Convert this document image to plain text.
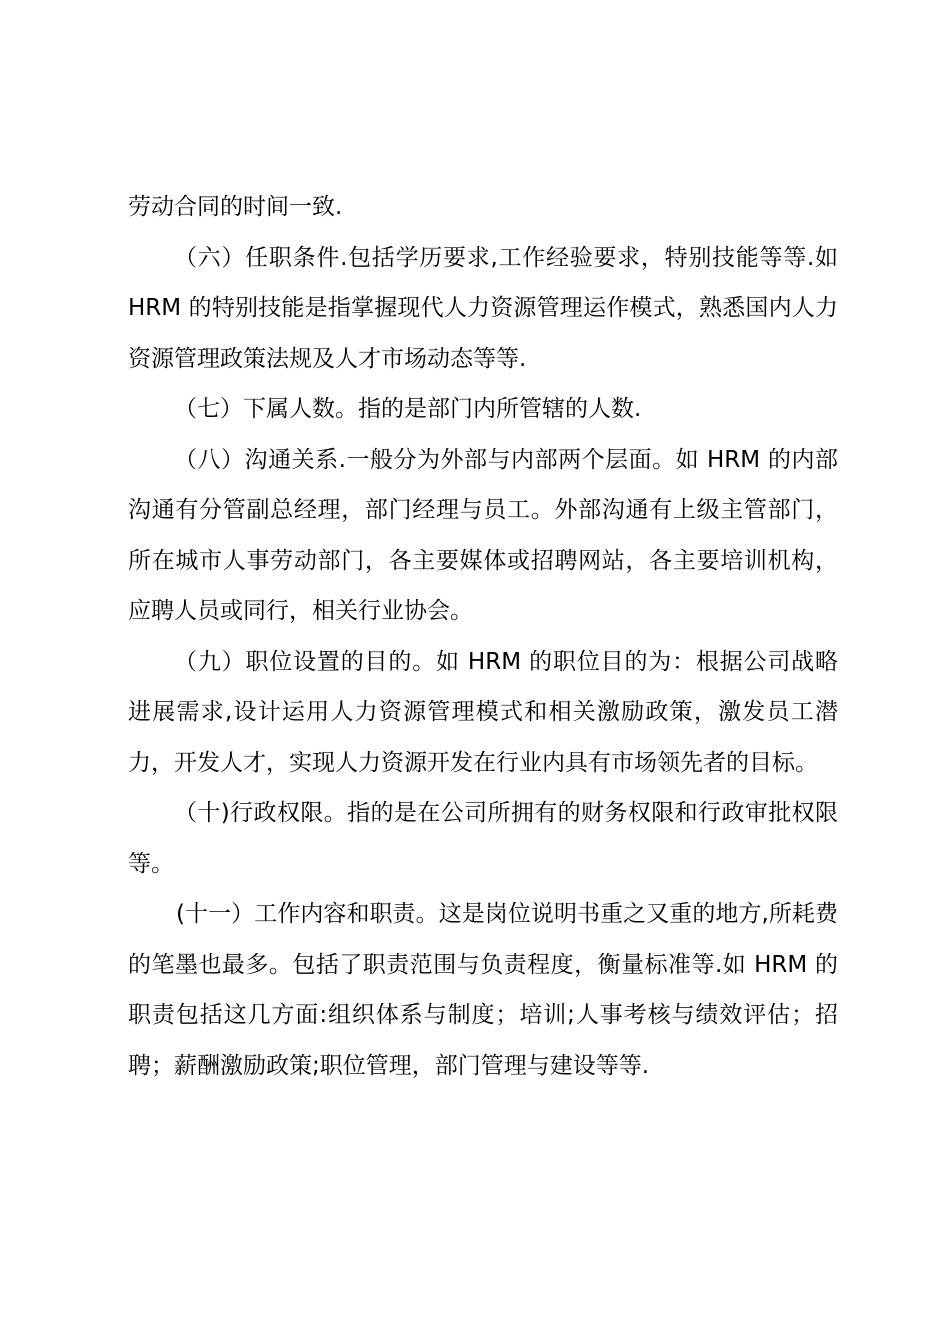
劳动合同的时间一致.

（六）任职条件.包括学历要求,工作经验要求，特别技能等等.如 HRM 的特别技能是指掌握现代人力资源管理运作模式，熟悉国内人力资源管理政策法规及人才市场动态等等.

（七）下属人数。指的是部门内所管辖的人数.

（八）沟通关系.一般分为外部与内部两个层面。如 HRM 的内部沟通有分管副总经理，部门经理与员工。外部沟通有上级主管部门，所在城市人事劳动部门，各主要媒体或招聘网站，各主要培训机构，应聘人员或同行，相关行业协会。

（九）职位设置的目的。如 HRM 的职位目的为：根据公司战略进展需求,设计运用人力资源管理模式和相关激励政策，激发员工潜力，开发人才，实现人力资源开发在行业内具有市场领先者的目标。

（十)行政权限。指的是在公司所拥有的财务权限和行政审批权限等。

(十一）工作内容和职责。这是岗位说明书重之又重的地方,所耗费的笔墨也最多。包括了职责范围与负责程度，衡量标准等.如 HRM 的职责包括这几方面:组织体系与制度；培训;人事考核与绩效评估；招聘；薪酬激励政策;职位管理，部门管理与建设等等.
